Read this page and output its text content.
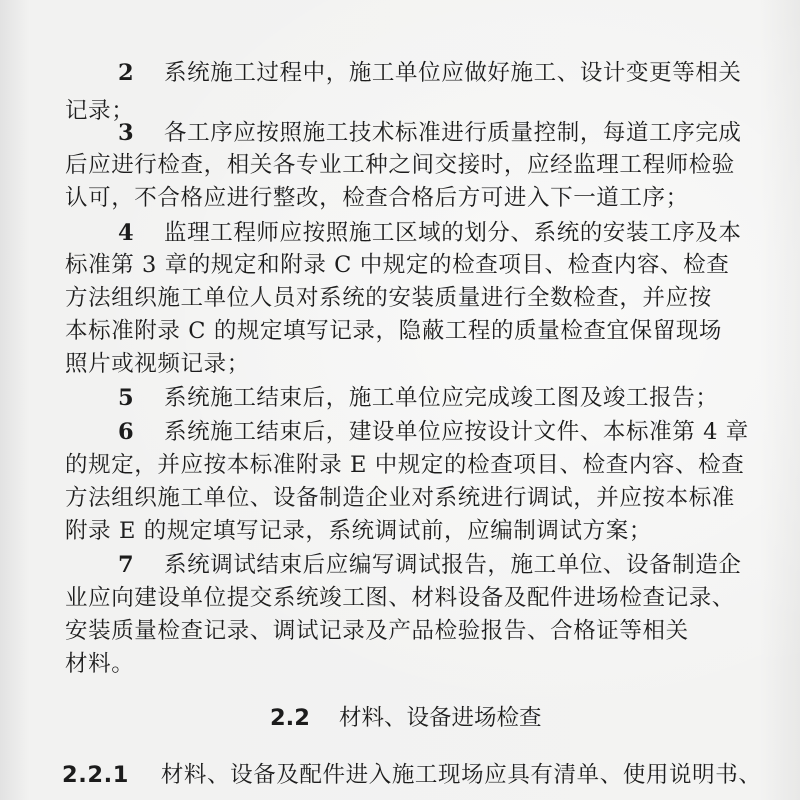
2 系统施工过程中，施工单位应做好施工、设计变更等相关
记录；
3 各工序应按照施工技术标准进行质量控制，每道工序完成
后应进行检查，相关各专业工种之间交接时，应经监理工程师检验
认可，不合格应进行整改，检查合格后方可进入下一道工序；
4 监理工程师应按照施工区域的划分、系统的安装工序及本
标准第 3 章的规定和附录 C 中规定的检查项目、检查内容、检查
方法组织施工单位人员对系统的安装质量进行全数检查，并应按
本标准附录 C 的规定填写记录，隐蔽工程的质量检查宜保留现场
照片或视频记录；
5 系统施工结束后，施工单位应完成竣工图及竣工报告；
6 系统施工结束后，建设单位应按设计文件、本标准第 4 章
的规定，并应按本标准附录 E 中规定的检查项目、检查内容、检查
方法组织施工单位、设备制造企业对系统进行调试，并应按本标准
附录 E 的规定填写记录，系统调试前，应编制调试方案；
7 系统调试结束后应编写调试报告，施工单位、设备制造企
业应向建设单位提交系统竣工图、材料设备及配件进场检查记录、
安装质量检查记录、调试记录及产品检验报告、合格证等相关
材料。
2.2 材料、设备进场检查
2.2.1 材料、设备及配件进入施工现场应具有清单、使用说明书、
